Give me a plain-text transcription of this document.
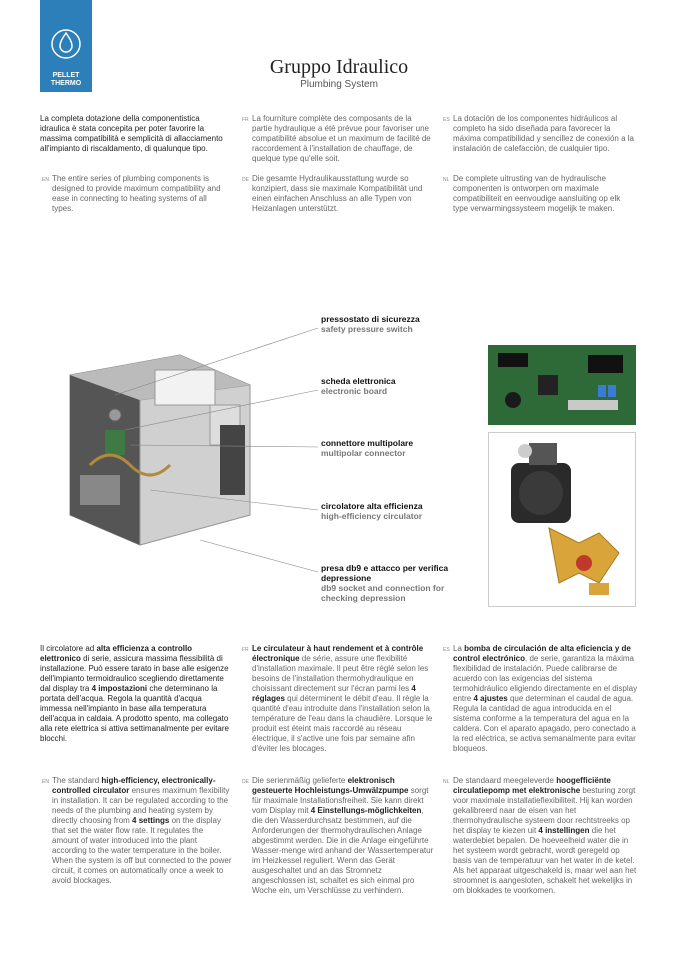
PELLET
THERMO
Gruppo Idraulico
Plumbing System
La completa dotazione della componentistica idraulica è stata concepita per poter favorire la massima compatibilità e semplicità di allacciamento all'impianto di riscaldamento, di qualunque tipo.
EN The entire series of plumbing components is designed to provide maximum compatibility and ease in connecting to heating systems of all types.
FR La fourniture complète des composants de la partie hydraulique a été prévue pour favoriser une compatibilité absolue et un maximum de facilité de raccordement à l'installation de chauffage, de quelque type qu'elle soit.
DE Die gesamte Hydraulikausstattung wurde so konzipiert, dass sie maximale Kompatibilität und einen einfachen Anschluss an alle Typen von Heizanlagen unterstützt.
ES La dotación de los componentes hidráulicos al completo ha sido diseñada para favorecer la máxima compatibilidad y sencillez de conexión a la instalación de calefacción, de cualquier tipo.
NL De complete uitrusting van de hydraulische componenten is ontworpen om maximale compatibiliteit en eenvoudige aansluiting op elk type verwarmingssysteem mogelijk te maken.
pressostato di sicurezza
safety pressure switch
scheda elettronica
electronic board
connettore multipolare
multipolar connector
circolatore alta efficienza
high-efficiency circulator
presa db9 e attacco per verifica depressione
db9 socket and connection for checking depression
Il circolatore ad alta efficienza a controllo elettronico di serie, assicura massima flessibilità di installazione. Può essere tarato in base alle esigenze dell'impianto termoidraulico scegliendo direttamente dal display tra 4 impostazioni che determinano la portata dell'acqua. Regola la quantità d'acqua immessa nell'impianto in base alla temperatura dell'acqua in caldaia. A prodotto spento, ma collegato alla rete elettrica si attiva settimanalmente per evitare blocchi.
EN The standard high-efficiency, electronically-controlled circulator ensures maximum flexibility in installation. It can be regulated according to the needs of the plumbing and heating system by directly choosing from 4 settings on the display that set the water flow rate. It regulates the amount of water introduced into the plant according to the water temperature in the boiler. When the system is off but connected to the power circuit, it comes on automatically once a week to avoid blockages.
FR Le circulateur à haut rendement et à contrôle électronique de série, assure une flexibilité d'installation maximale. Il peut être réglé selon les besoins de l'installation thermohydraulique en choisissant directement sur l'écran parmi les 4 réglages qui déterminent le débit d'eau. Il règle la quantité d'eau introduite dans l'installation selon la température de l'eau dans la chaudière. Lorsque le produit est éteint mais raccordé au réseau électrique, il s'active une fois par semaine afin d'éviter les blocages.
DE Die serienmäßig gelieferte elektronisch gesteuerte Hochleistungs-Umwälzpumpe sorgt für maximale Installationsfreiheit. Sie kann direkt vom Display mit 4 Einstellungs-möglichkeiten, die den Wasserdurchsatz bestimmen, auf die Anforderungen der thermohydraulischen Anlage abgestimmt werden. Die in die Anlage eingeführte Wasser-menge wird anhand der Wassertemperatur im Heizkessel reguliert. Wenn das Gerät ausgeschaltet und an das Stromnetz angeschlossen ist, schaltet es sich einmal pro Woche ein, um Verschlüsse zu verhindern.
ES La bomba de circulación de alta eficiencia y de control electrónico, de serie, garantiza la máxima flexibilidad de instalación. Puede calibrarse de acuerdo con las exigencias del sistema termohidráulico eligiendo directamente en el display entre 4 ajustes que determinan el caudal de agua. Regula la cantidad de agua introducida en el sistema conforme a la temperatura del agua en la caldera. Con el aparato apagado, pero conectado a la red eléctrica, se activa semanalmente para evitar bloqueos.
NL De standaard meegeleverde hoogefficiënte circulatiepomp met elektronische besturing zorgt voor maximale installatieflexibiliteit. Hij kan worden gekalibreerd naar de eisen van het thermohydraulische systeem door rechtstreeks op het display te kiezen uit 4 instellingen die het waterdebiet bepalen. De hoeveelheid water die in het systeem wordt gebracht, wordt geregeld op basis van de temperatuur van het water in de ketel. Als het apparaat uitgeschakeld is, maar wel aan het stroomnet is aangesloten, schakelt het wekelijks in om blokkades te voorkomen.
